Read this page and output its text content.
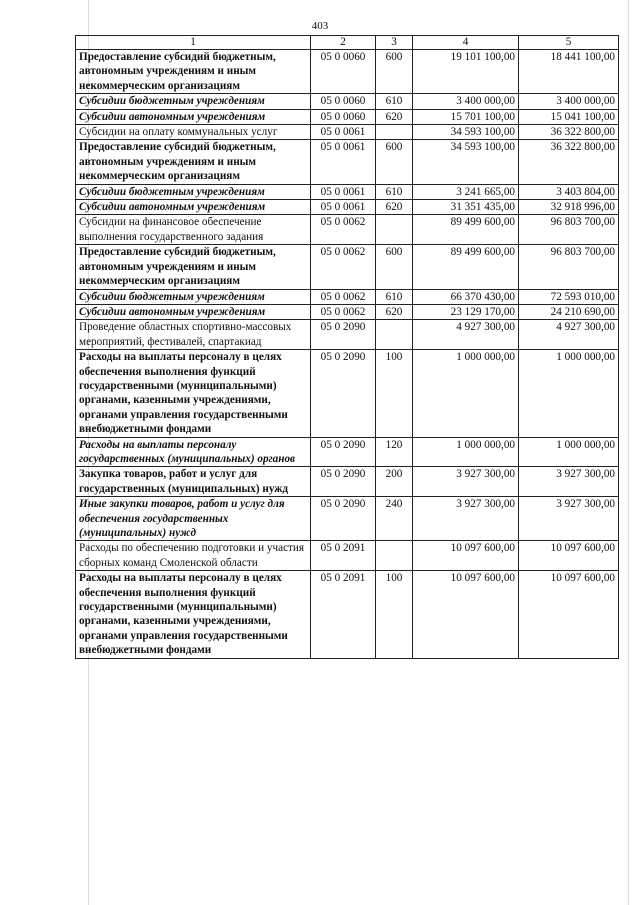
403
1	2	3	4	5
Предоставление субсидий бюджетным, автономным учреждениям и иным некоммерческим организациям	05 0 0060	600	19 101 100,00	18 441 100,00
Субсидии бюджетным учреждениям	05 0 0060	610	3 400 000,00	3 400 000,00
Субсидии автономным учреждениям	05 0 0060	620	15 701 100,00	15 041 100,00
Субсидии на оплату коммунальных услуг	05 0 0061		34 593 100,00	36 322 800,00
Предоставление субсидий бюджетным, автономным учреждениям и иным некоммерческим организациям	05 0 0061	600	34 593 100,00	36 322 800,00
Субсидии бюджетным учреждениям	05 0 0061	610	3 241 665,00	3 403 804,00
Субсидии автономным учреждениям	05 0 0061	620	31 351 435,00	32 918 996,00
Субсидии на финансовое обеспечение выполнения государственного задания	05 0 0062		89 499 600,00	96 803 700,00
Предоставление субсидий бюджетным, автономным учреждениям и иным некоммерческим организациям	05 0 0062	600	89 499 600,00	96 803 700,00
Субсидии бюджетным учреждениям	05 0 0062	610	66 370 430,00	72 593 010,00
Субсидии автономным учреждениям	05 0 0062	620	23 129 170,00	24 210 690,00
Проведение областных спортивно-массовых мероприятий, фестивалей, спартакиад	05 0 2090		4 927 300,00	4 927 300,00
Расходы на выплаты персоналу в целях обеспечения выполнения функций государственными (муниципальными) органами, казенными учреждениями, органами управления государственными внебюджетными фондами	05 0 2090	100	1 000 000,00	1 000 000,00
Расходы на выплаты персоналу государственных (муниципальных) органов	05 0 2090	120	1 000 000,00	1 000 000,00
Закупка товаров, работ и услуг для государственных (муниципальных) нужд	05 0 2090	200	3 927 300,00	3 927 300,00
Иные закупки товаров, работ и услуг для обеспечения государственных (муниципальных) нужд	05 0 2090	240	3 927 300,00	3 927 300,00
Расходы по обеспечению подготовки и участия сборных команд Смоленской области	05 0 2091		10 097 600,00	10 097 600,00
Расходы на выплаты персоналу в целях обеспечения выполнения функций государственными (муниципальными) органами, казенными учреждениями, органами управления государственными внебюджетными фондами	05 0 2091	100	10 097 600,00	10 097 600,00
